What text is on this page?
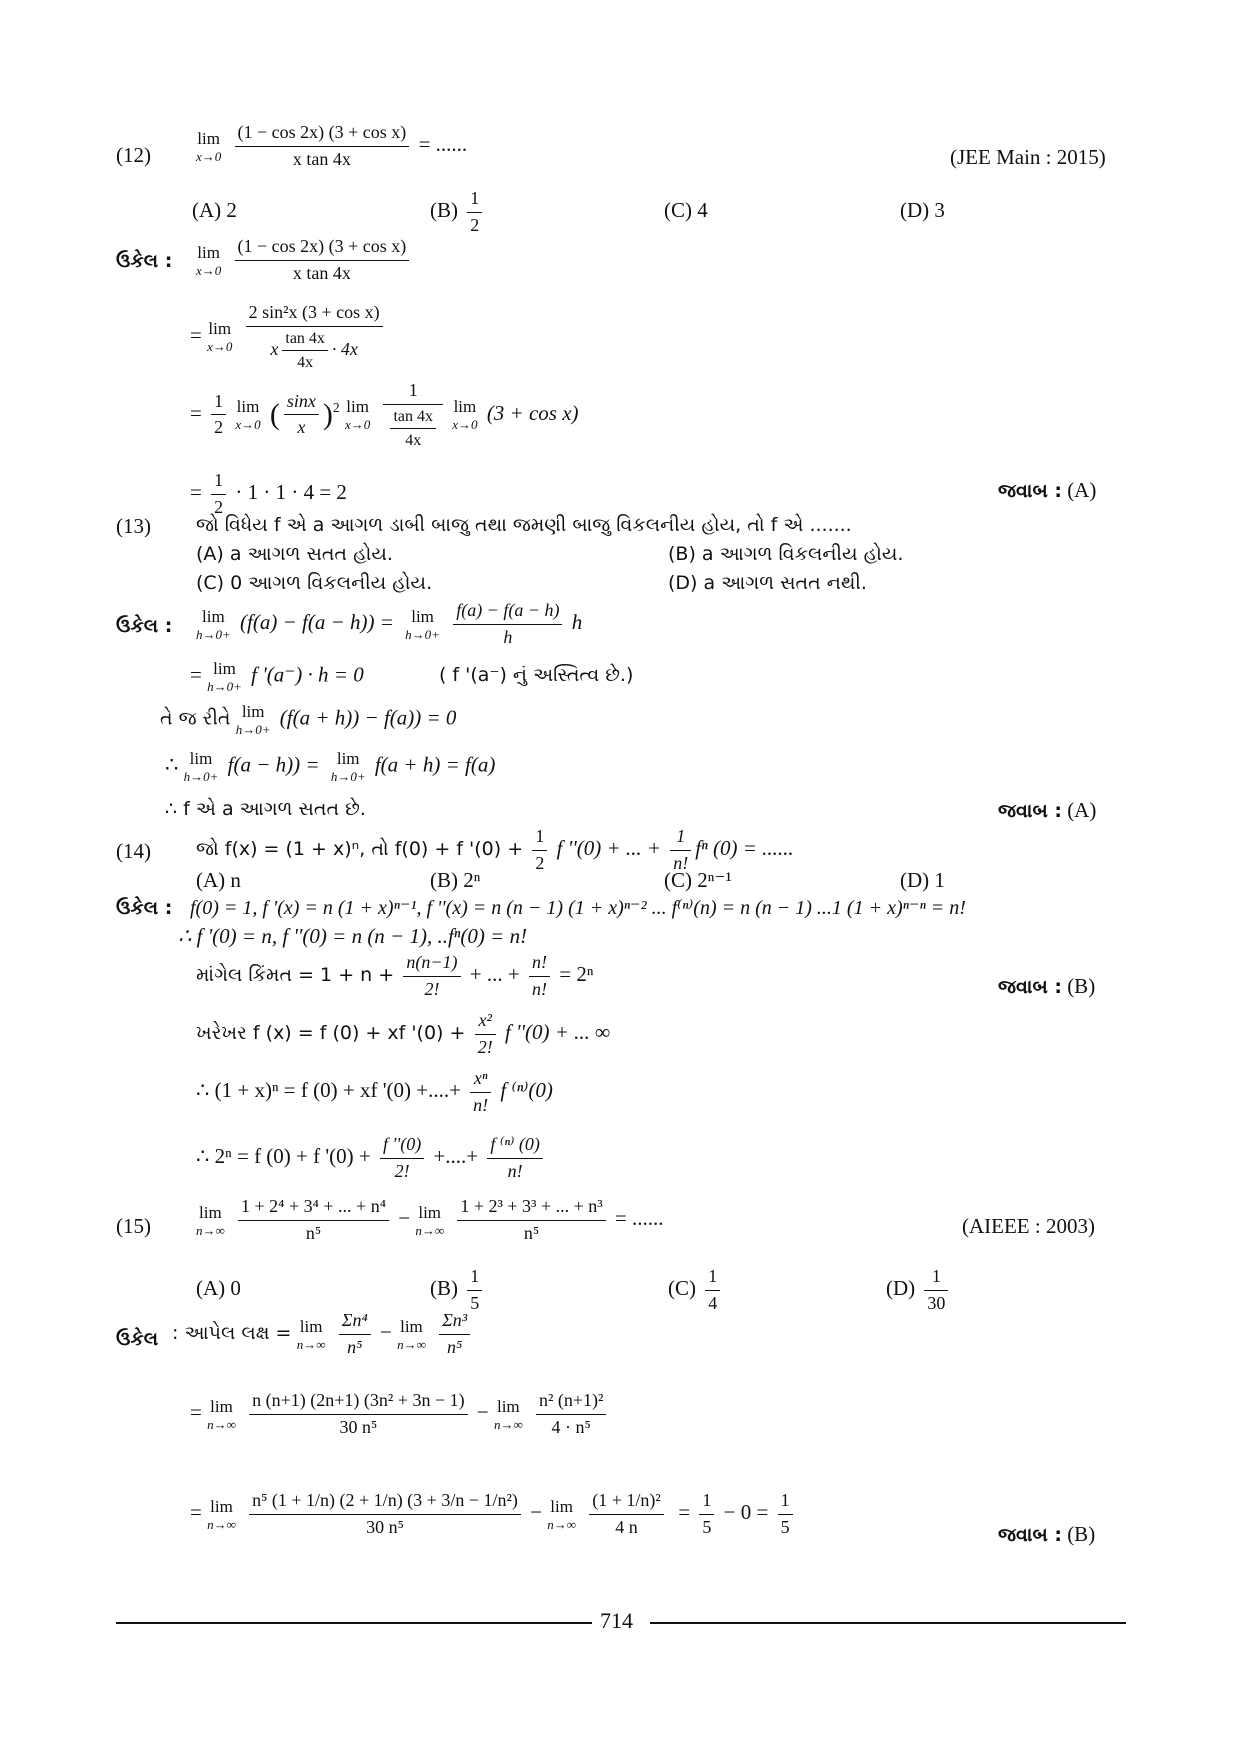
(12)
lim
x→0
$\frac{\text{(1 − cos 2x) (3 + cos x)}}{\text{x tan 4x}}$ = ......
(JEE Main : 2015)
(A) 2	$(B) \frac{1}{2}$	(C) 4	(D) 3
ઉકેલ : lim
x→0
$\frac{\text{(1 − cos 2x) (3 + cos x)}}{\text{x tan 4x}}$
= lim
x→0
$\frac{\text{2 sin²x (3 + cos x)}}{x \frac{\tan 4x}{4x} \cdot 4x}$
= $\frac{1}{2}$
lim
x→0 ( $\frac{\sin x}{x} )^2$ lim
x→0
$\frac{1}{\frac{\tan 4x}{4x}}$
lim
x→0
(3 + cos x)
= $\frac{1}{2} \cdot 1 \cdot 1 \cdot 4 = 2$	જવાબ : (A)
(13) જો વિધેય f એ a આગળ ડાબી બાજુ તથા જમણી બાજુ વિકલનીય હોય, તો f એ .......
(A) a આગળ સતત હોય.	(B) a આગળ વિકલનીય હોય.
(C) 0 આગળ વિકલનીય હોય.	(D) a આગળ સતત નથી.
ઉકેલ :	lim
h→0+
(f(a) − f(a − h)) =	lim
h→0+
$\frac{f(a) - f(a - h)}{h}$ h
= lim
h→0+
f '(a⁻) · h = 0	( f '(a⁻) નું અસ્તિત્વ છે.)
તે જ રીતે lim
h→0+
(f(a + h)) − f(a)) = 0
∴ lim
h→0+
f(a − h)) =	lim
h→0+
f(a + h) = f(a)
∴ f એ a આગળ સતત છે.	જવાબ : (A)
(14) જો f(x) = (1 + x)ⁿ, તો f(0) + f '$(0) + \frac{1}{2}$ f ''(0) + ... + $\frac{1}{n!}$ fⁿ (0) = ......
(A) n	(B) 2ⁿ	(C) 2ⁿ⁻¹	(D) 1
ઉકેલ : f(0) = 1, f '(x) = n (1 + x)ⁿ⁻¹, f ''(x) = n (n − 1) (1 + x)ⁿ⁻² ... f⁽ⁿ⁾(n) = n (n − 1) ...1 (1 + x)ⁿ⁻ⁿ = n!
∴ f '(0) = n, f ''(0) = n (n − 1), ..fⁿ(0) = n!
માંગેલ કિંમત = $1 + n + \frac{n(n-1)}{2!}$ + ... + $\frac{n!}{n!} = 2^n$
જવાબ : (B)
ખરેખર f (x) = f (0) + xf '$(0) + \frac{\text{x²}}{2!}$ f ''(0) + ... ∞
∴ (1 + x)ⁿ = f (0) + xf '(0) +....+ $\frac{\text{xⁿ}}{n!}$ f ⁽ⁿ⁾(0)
∴ 2ⁿ = f (0) + f '$(0) + \frac{f ''(0)}{2!}$ +....+ $\frac{\text{f ⁽ⁿ⁾ (0)}}{n!}$
(15)
lim
n→∞
$\frac{\text{1 + 2⁴ + 3⁴ + ... + n⁴}}{\text{n⁵}} - \lim$
n→∞
$\frac{\text{1 + 2³ + 3³ + ... + n³}}{\text{n⁵}}$ = ......	(AIEEE : 2003)
(A) 0	$(B) \frac{1}{5}$	$(C) \frac{1}{4}$	$(D) \frac{1}{30}$
ઉકેલ : આપેલ લક્ષ = lim
n→∞
$\frac{\text{Σn⁴}}{\text{n⁵}} - \lim$
n→∞
$\frac{\text{Σn³}}{\text{n⁵}}$
= lim
n→∞
$\frac{\text{n (n+1) (2n+1) (3n² + 3n − 1)}}{\text{30 n⁵}} - \lim$
n→∞
$\frac{\text{n² (n+1)²}}{\text{4 · n⁵}}$
= lim
n→∞
$\frac{\text{n⁵ (1 + 1/n) (2 + 1/n) (3 + 3/n − 1/n²)}}{\text{30 n⁵}} - \lim$
n→∞
$\frac{\text{(1 + 1/n)²}}{4 n} = \frac{1}{5} - 0 = \frac{1}{5}$	જવાબ : (B)
714
